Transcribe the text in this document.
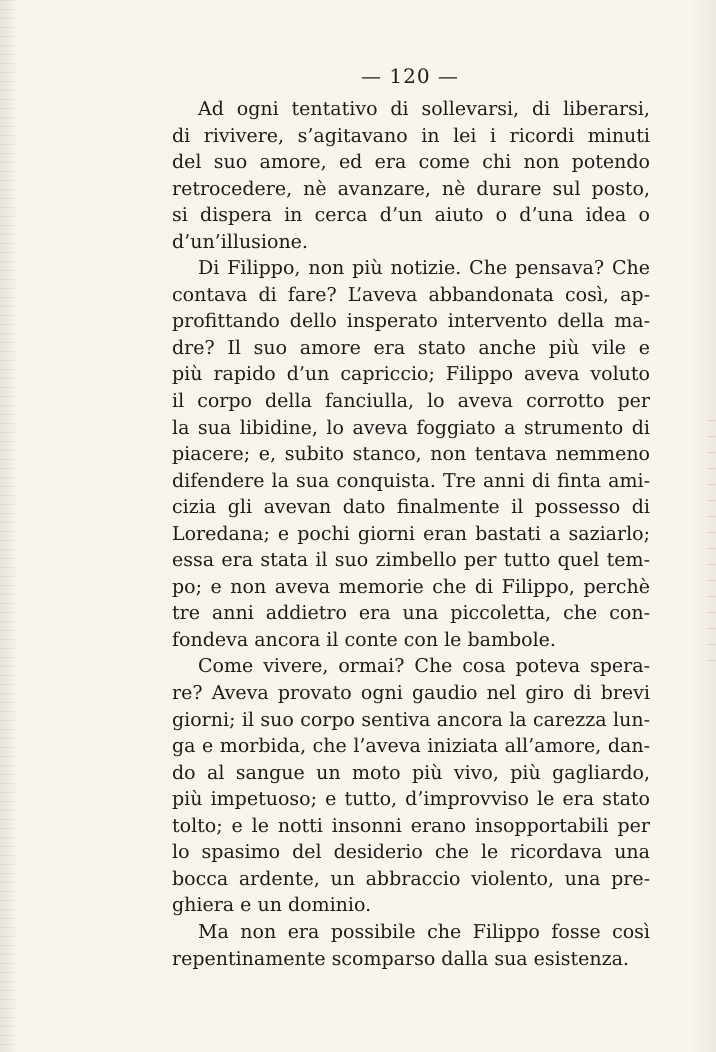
— 120 —
Ad ogni tentativo di sollevarsi, di liberarsi,
di rivivere, s’agitavano in lei i ricordi minuti
del suo amore, ed era come chi non potendo
retrocedere, nè avanzare, nè durare sul posto,
si dispera in cerca d’un aiuto o d’una idea o
d’un’illusione.
Di Filippo, non più notizie. Che pensava? Che
contava di fare? L’aveva abbandonata così, ap-
profittando dello insperato intervento della ma-
dre? Il suo amore era stato anche più vile e
più rapido d’un capriccio; Filippo aveva voluto
il corpo della fanciulla, lo aveva corrotto per
la sua libidine, lo aveva foggiato a strumento di
piacere; e, subito stanco, non tentava nemmeno
difendere la sua conquista. Tre anni di finta ami-
cizia gli avevan dato finalmente il possesso di
Loredana; e pochi giorni eran bastati a saziarlo;
essa era stata il suo zimbello per tutto quel tem-
po; e non aveva memorie che di Filippo, perchè
tre anni addietro era una piccoletta, che con-
fondeva ancora il conte con le bambole.
Come vivere, ormai? Che cosa poteva spera-
re? Aveva provato ogni gaudio nel giro di brevi
giorni; il suo corpo sentiva ancora la carezza lun-
ga e morbida, che l’aveva iniziata all’amore, dan-
do al sangue un moto più vivo, più gagliardo,
più impetuoso; e tutto, d’improvviso le era stato
tolto; e le notti insonni erano insopportabili per
lo spasimo del desiderio che le ricordava una
bocca ardente, un abbraccio violento, una pre-
ghiera e un dominio.
Ma non era possibile che Filippo fosse così
repentinamente scomparso dalla sua esistenza.
